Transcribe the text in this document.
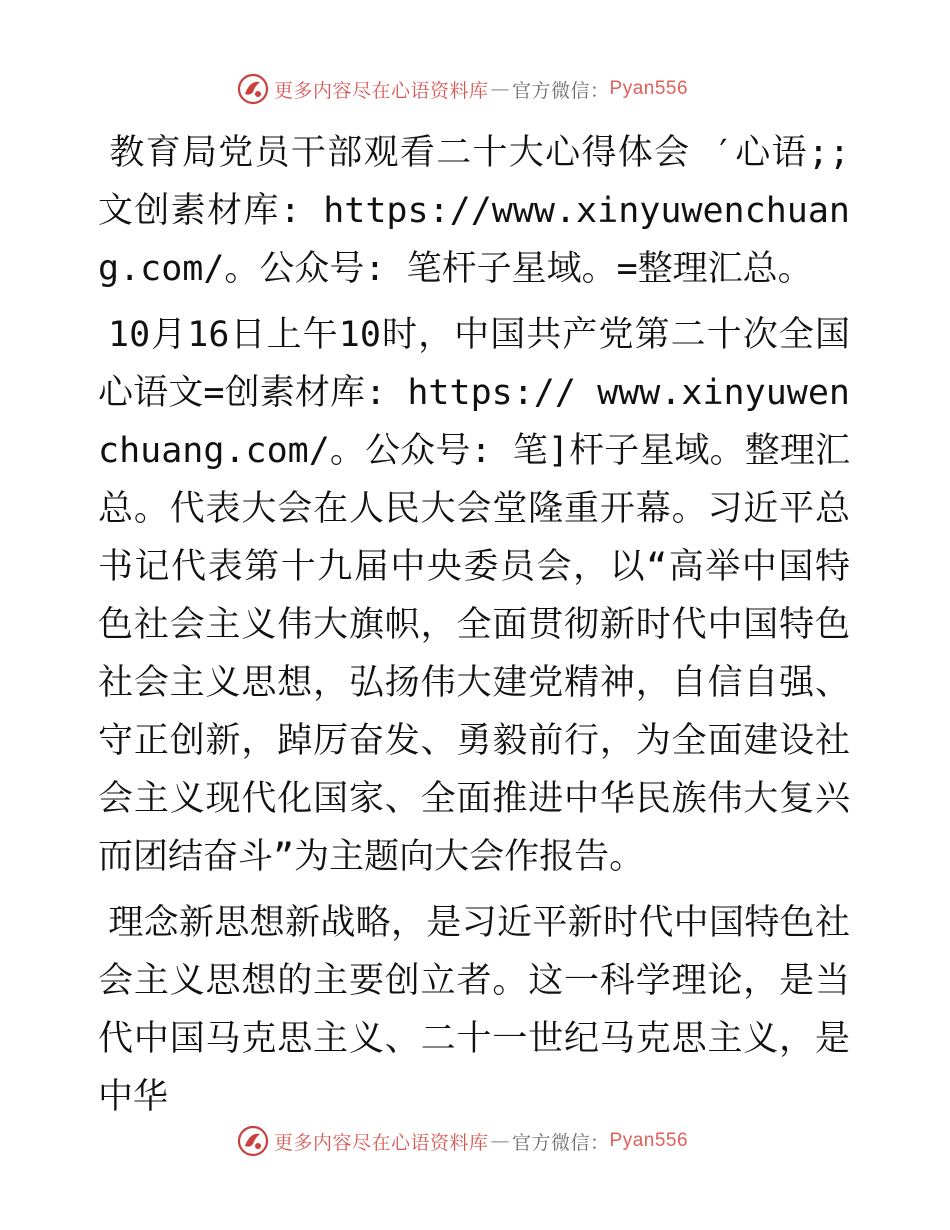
更多内容尽在心语资料库 — 官方微信： Pyan556

教育局党员干部观看二十大心得体会 ′心语;;文创素材库: https://www.xinyuwenchuang.com/。公众号: 笔杆子星域。=整理汇总。

10月16日上午10时，中国共产党第二十次全国心语文=创素材库: https:// www.xinyuwenchuang.com/。公众号: 笔]杆子星域。整理汇总。代表大会在人民大会堂隆重开幕。习近平总书记代表第十九届中央委员会，以“高举中国特色社会主义伟大旗帜，全面贯彻新时代中国特色社会主义思想，弘扬伟大建党精神，自信自强、守正创新，踔厉奋发、勇毅前行，为全面建设社会主义现代化国家、全面推进中华民族伟大复兴而团结奋斗”为主题向大会作报告。

理念新思想新战略，是习近平新时代中国特色社会主义思想的主要创立者。这一科学理论，是当代中国马克思主义、二十一世纪马克思主义，是中华

更多内容尽在心语资料库 — 官方微信： Pyan556
